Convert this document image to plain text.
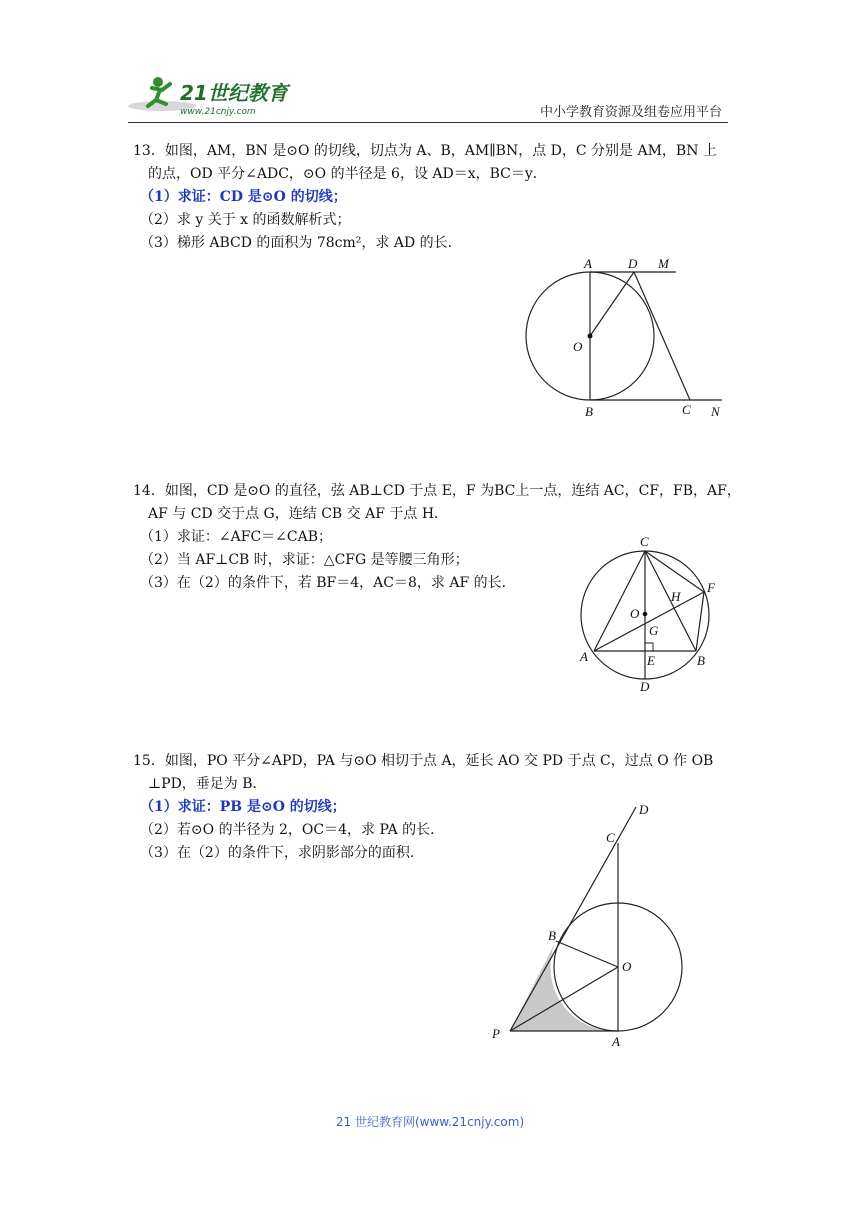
21世纪教育
www.21cnjy.com	中小学教育资源及组卷应用平台
13．如图，AM，BN 是⊙O 的切线，切点为 A、B，AM∥BN，点 D，C 分别是 AM，BN 上
的点，OD 平分∠ADC，⊙O 的半径是 6，设 AD＝x，BC＝y．
（1）求证：CD 是⊙O 的切线；
（2）求 y 关于 x 的函数解析式；
（3）梯形 ABCD 的面积为 78cm²，求 AD 的长．
A	D M
O
B	C N
14．如图，CD 是⊙O 的直径，弦 AB⊥CD 于点 E，F 为BC上一点，连结 AC，CF，FB，AF，
AF 与 CD 交于点 G，连结 CB 交 AF 于点 H．
（1）求证：∠AFC＝∠CAB；
（2）当 AF⊥CB 时，求证：△CFG 是等腰三角形；
（3）在（2）的条件下，若 BF＝4，AC＝8，求 AF 的长．
C
F
H
O
G
A	E	B
D
15．如图，PO 平分∠APD，PA 与⊙O 相切于点 A，延长 AO 交 PD 于点 C，过点 O 作 OB
⊥PD，垂足为 B．
（1）求证：PB 是⊙O 的切线；
（2）若⊙O 的半径为 2，OC＝4，求 PA 的长．
（3）在（2）的条件下，求阴影部分的面积．
D
C
B
O
P
A
21 世纪教育网(www.21cnjy.com)
